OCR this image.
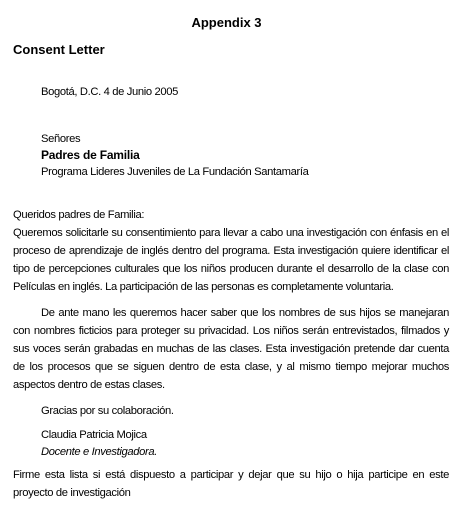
Appendix 3
Consent Letter
Bogotá, D.C. 4 de Junio 2005
Señores
Padres de Familia
Programa Lideres Juveniles de La Fundación Santamaría
Queridos padres de Familia:

Queremos solicitarle su consentimiento para llevar a cabo una investigación con énfasis en el proceso de aprendizaje de inglés dentro del programa. Esta investigación quiere identificar el tipo de percepciones culturales que los niños producen durante el desarrollo de la clase con Películas en inglés. La participación de las personas es completamente voluntaria.

De ante mano les queremos hacer saber que los nombres de sus hijos se manejaran con nombres ficticios para proteger su privacidad. Los niños serán entrevistados, filmados y sus voces serán grabadas en muchas de las clases. Esta investigación pretende dar cuenta de los procesos que se siguen dentro de esta clase, y al mismo tiempo mejorar muchos aspectos dentro de estas clases.

Gracias por su colaboración.
Claudia Patricia Mojica
Docente e Investigadora.

Firme esta lista si está dispuesto a participar y dejar que su hijo o hija participe en este proyecto de investigación
